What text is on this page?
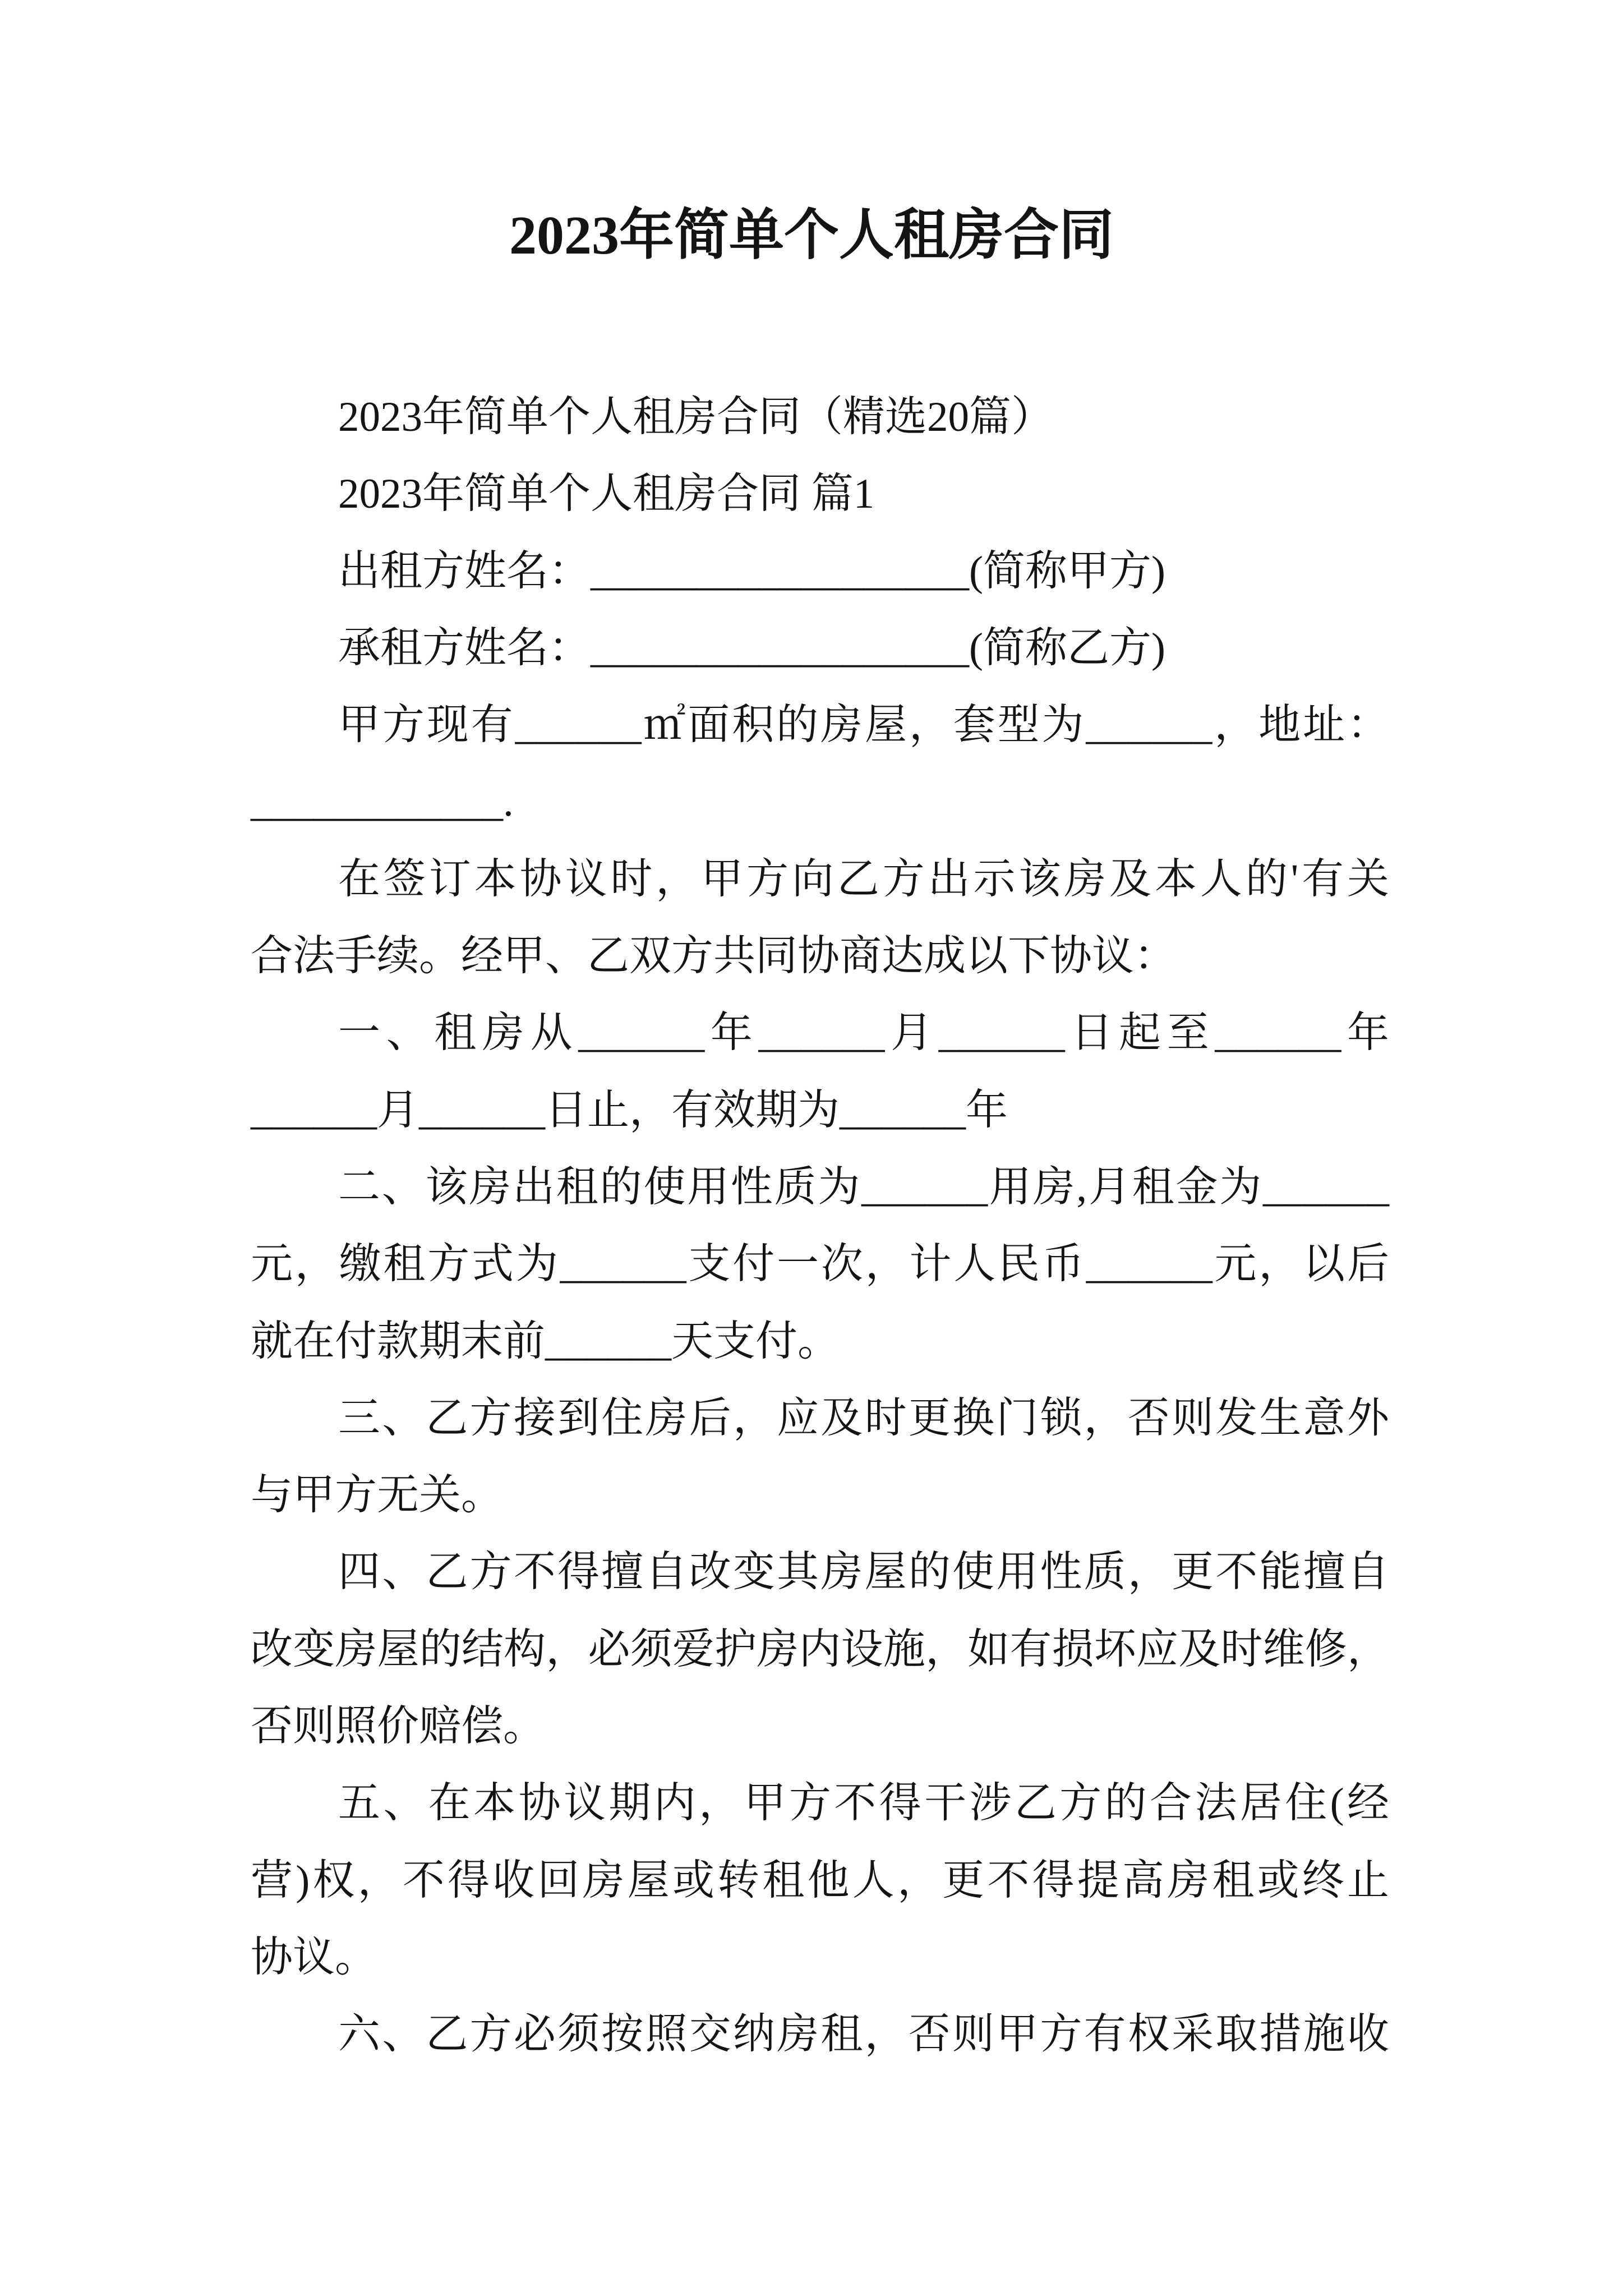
2023年简单个人租房合同
2023年简单个人租房合同（精选20篇）
2023年简单个人租房合同 篇1
出租方姓名：__________________(简称甲方)
承租方姓名：__________________(简称乙方)
甲方现有______㎡面积的房屋，套型为______，地址：
____________.
在签订本协议时，甲方向乙方出示该房及本人的'有关
合法手续。经甲、乙双方共同协商达成以下协议：
一、租房从______年______月______日起至______年
______月______日止，有效期为______年
二、该房出租的使用性质为______用房,月租金为______
元，缴租方式为______支付一次，计人民币______元，以后
就在付款期末前______天支付。
三、乙方接到住房后，应及时更换门锁，否则发生意外
与甲方无关。
四、乙方不得擅自改变其房屋的使用性质，更不能擅自
改变房屋的结构，必须爱护房内设施，如有损坏应及时维修，
否则照价赔偿。
五、在本协议期内，甲方不得干涉乙方的合法居住(经
营)权，不得收回房屋或转租他人，更不得提高房租或终止
协议。
六、乙方必须按照交纳房租，否则甲方有权采取措施收
